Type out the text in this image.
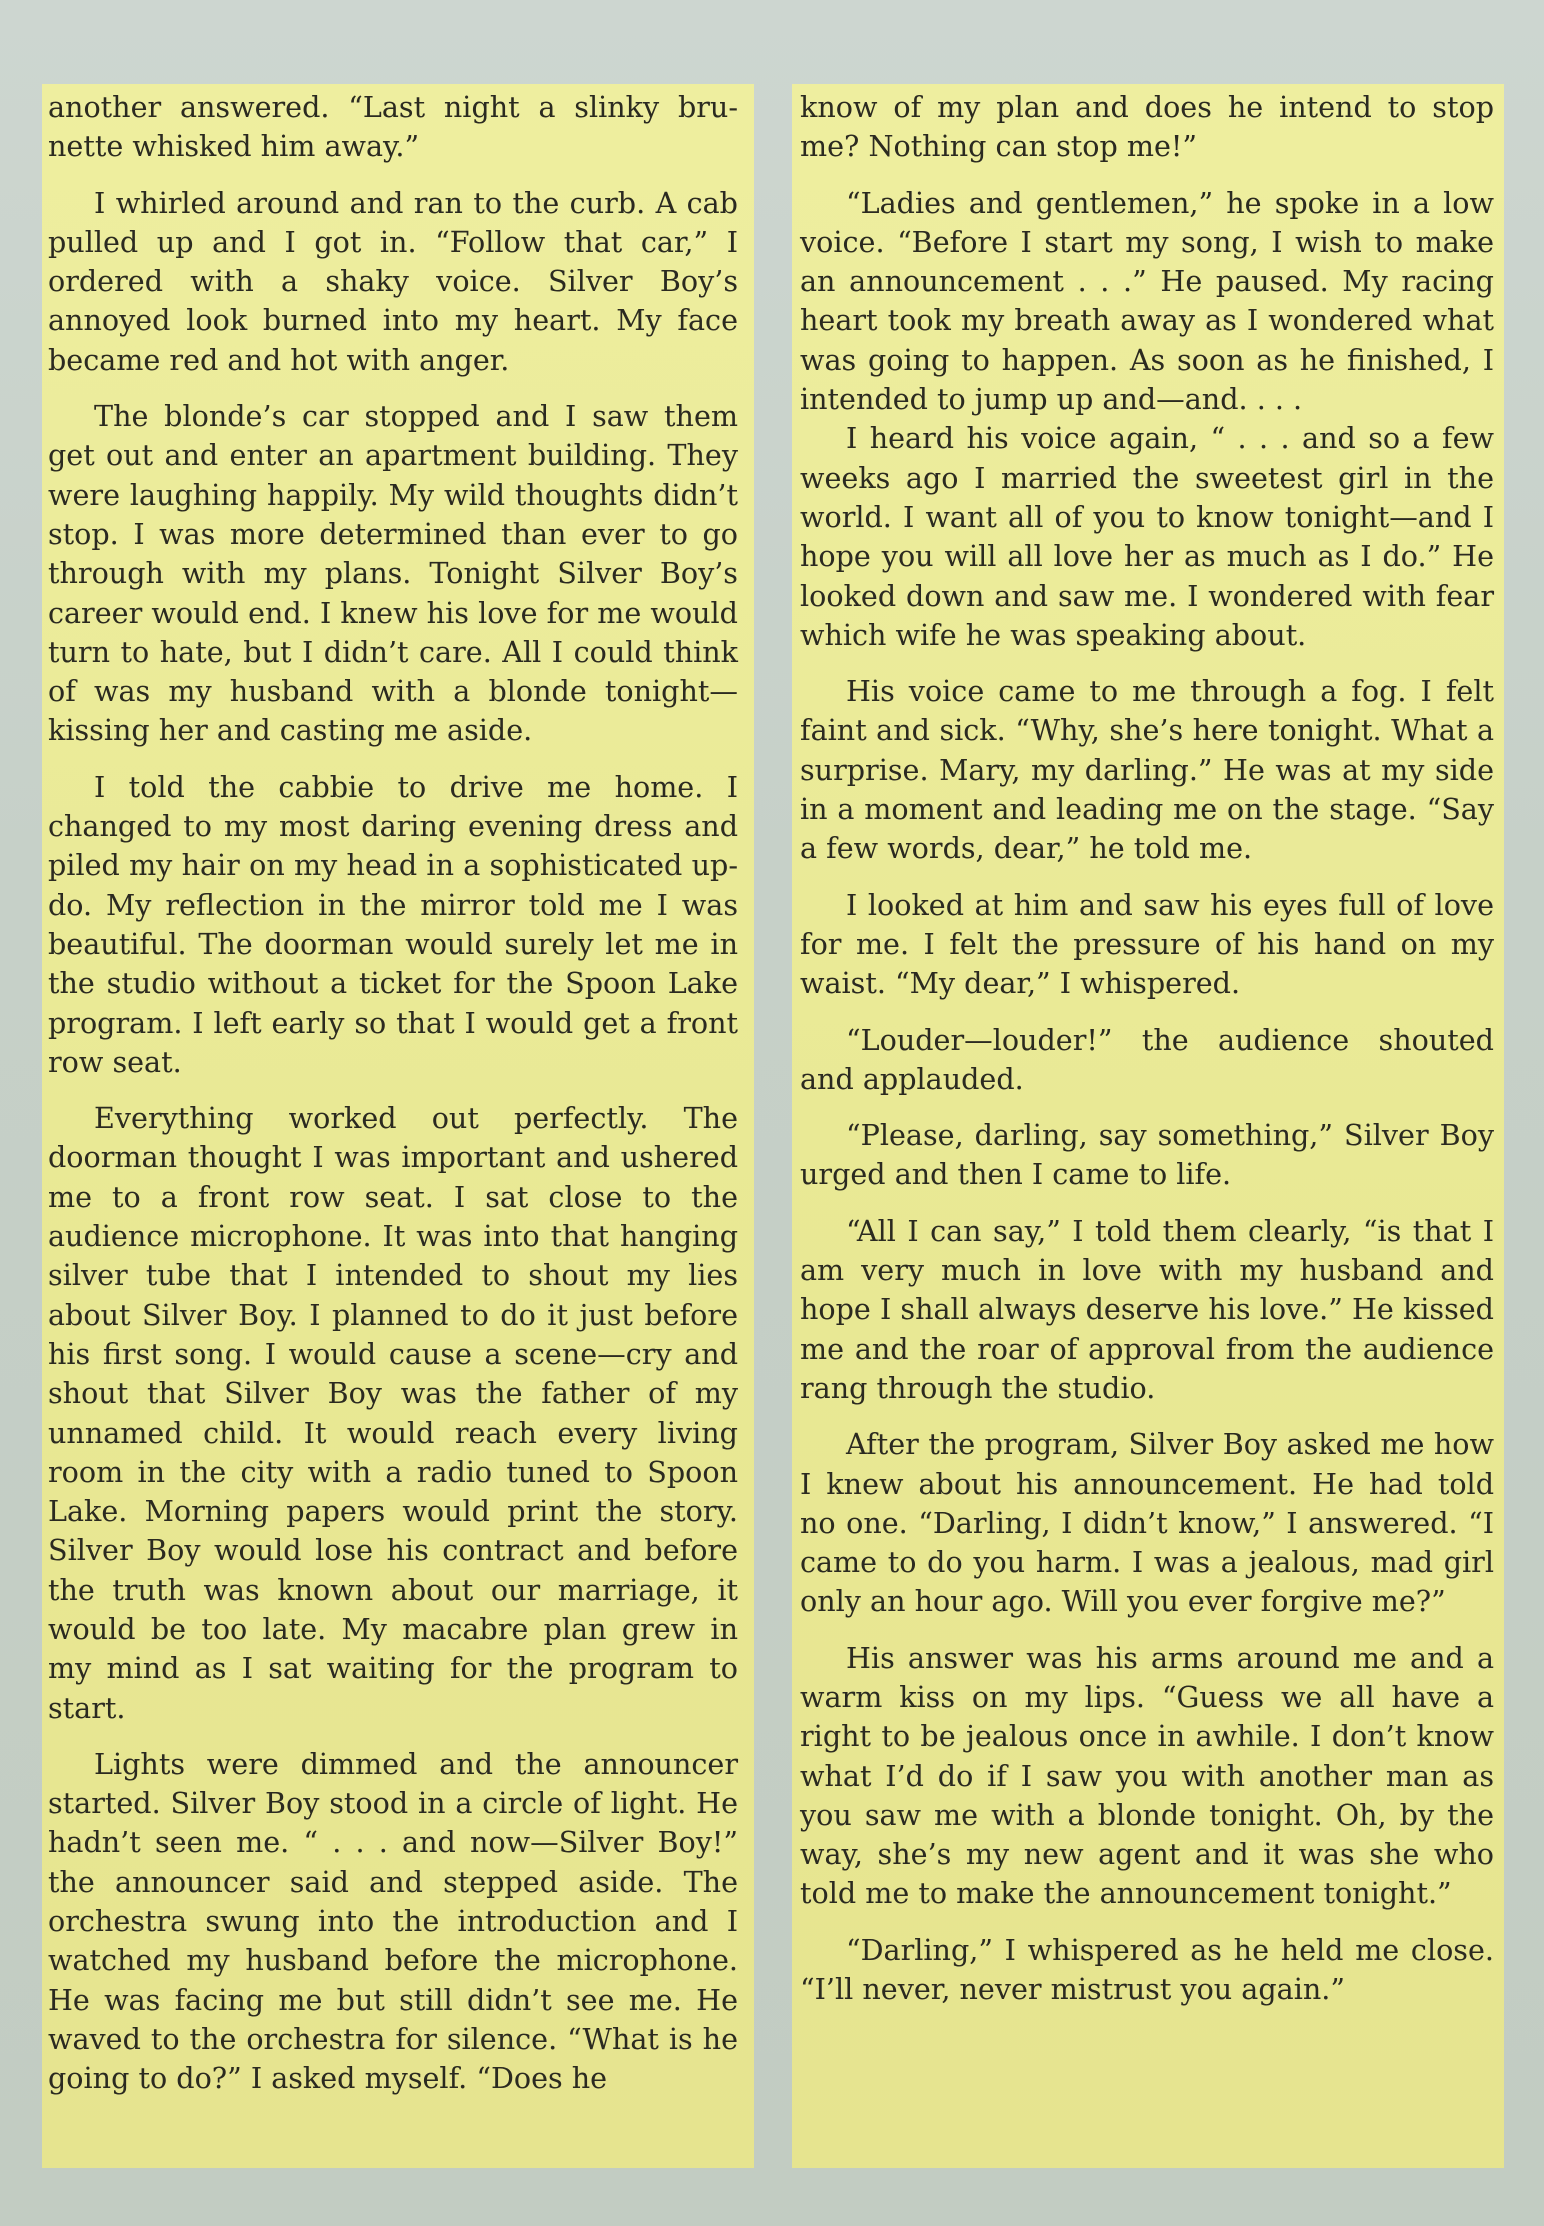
another answered. “Last night a slinky bru-nette whisked him away.”

I whirled around and ran to the curb. A cab pulled up and I got in. “Follow that car,” I ordered with a shaky voice. Silver Boy’s annoyed look burned into my heart. My face became red and hot with anger.

The blonde’s car stopped and I saw them get out and enter an apartment building. They were laughing happily. My wild thoughts didn’t stop. I was more determined than ever to go through with my plans. Tonight Silver Boy’s career would end. I knew his love for me would turn to hate, but I didn’t care. All I could think of was my husband with a blonde tonight—kissing her and casting me aside.

I told the cabbie to drive me home. I changed to my most daring evening dress and piled my hair on my head in a sophisticated up-do. My reflection in the mirror told me I was beautiful. The doorman would surely let me in the studio without a ticket for the Spoon Lake program. I left early so that I would get a front row seat.

Everything worked out perfectly. The doorman thought I was important and ushered me to a front row seat. I sat close to the audience microphone. It was into that hanging silver tube that I intended to shout my lies about Silver Boy. I planned to do it just before his first song. I would cause a scene—cry and shout that Silver Boy was the father of my unnamed child. It would reach every living room in the city with a radio tuned to Spoon Lake. Morning papers would print the story. Silver Boy would lose his contract and before the truth was known about our marriage, it would be too late. My macabre plan grew in my mind as I sat waiting for the program to start.

Lights were dimmed and the announcer started. Silver Boy stood in a circle of light. He hadn’t seen me. “ . . . and now—Silver Boy!” the announcer said and stepped aside. The orchestra swung into the introduction and I watched my husband before the microphone. He was facing me but still didn’t see me. He waved to the orchestra for silence. “What is he going to do?” I asked myself. “Does he

know of my plan and does he intend to stop me? Nothing can stop me!”

“Ladies and gentlemen,” he spoke in a low voice. “Before I start my song, I wish to make an announcement . . .” He paused. My racing heart took my breath away as I wondered what was going to happen. As soon as he finished, I intended to jump up and—and. . . .

I heard his voice again, “ . . . and so a few weeks ago I married the sweetest girl in the world. I want all of you to know tonight—and I hope you will all love her as much as I do.” He looked down and saw me. I wondered with fear which wife he was speaking about.

His voice came to me through a fog. I felt faint and sick. “Why, she’s here tonight. What a surprise. Mary, my darling.” He was at my side in a moment and leading me on the stage. “Say a few words, dear,” he told me.

I looked at him and saw his eyes full of love for me. I felt the pressure of his hand on my waist. “My dear,” I whispered.

“Louder—louder!” the audience shouted and applauded.

“Please, darling, say something,” Silver Boy urged and then I came to life.

“All I can say,” I told them clearly, “is that I am very much in love with my husband and hope I shall always deserve his love.” He kissed me and the roar of approval from the audience rang through the studio.

After the program, Silver Boy asked me how I knew about his announcement. He had told no one. “Darling, I didn’t know,” I answered. “I came to do you harm. I was a jealous, mad girl only an hour ago. Will you ever forgive me?”

His answer was his arms around me and a warm kiss on my lips. “Guess we all have a right to be jealous once in awhile. I don’t know what I’d do if I saw you with another man as you saw me with a blonde tonight. Oh, by the way, she’s my new agent and it was she who told me to make the announcement tonight.”

“Darling,” I whispered as he held me close. “I’ll never, never mistrust you again.”
